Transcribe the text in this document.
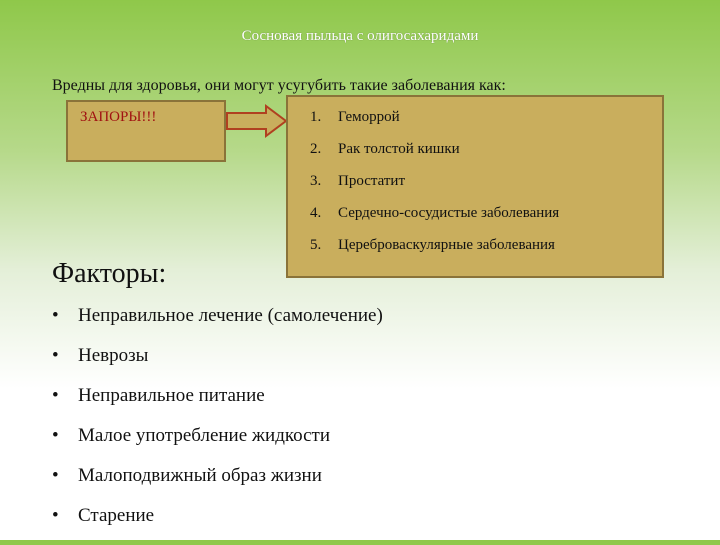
Сосновая пыльца с олигосахаридами
Вредны для здоровья, они могут усугубить такие заболевания как:
ЗАПОРЫ!!!	1.	Геморрой
2.	Рак толстой кишки
3.	Простатит
4.	Сердечно-сосудистые заболевания
5.	Цереброваскулярные заболевания
Факторы:
•	Неправильное лечение (самолечение)
•	Неврозы
•	Неправильное питание
•	Малое употребление жидкости
•	Малоподвижный образ жизни
•	Старение
